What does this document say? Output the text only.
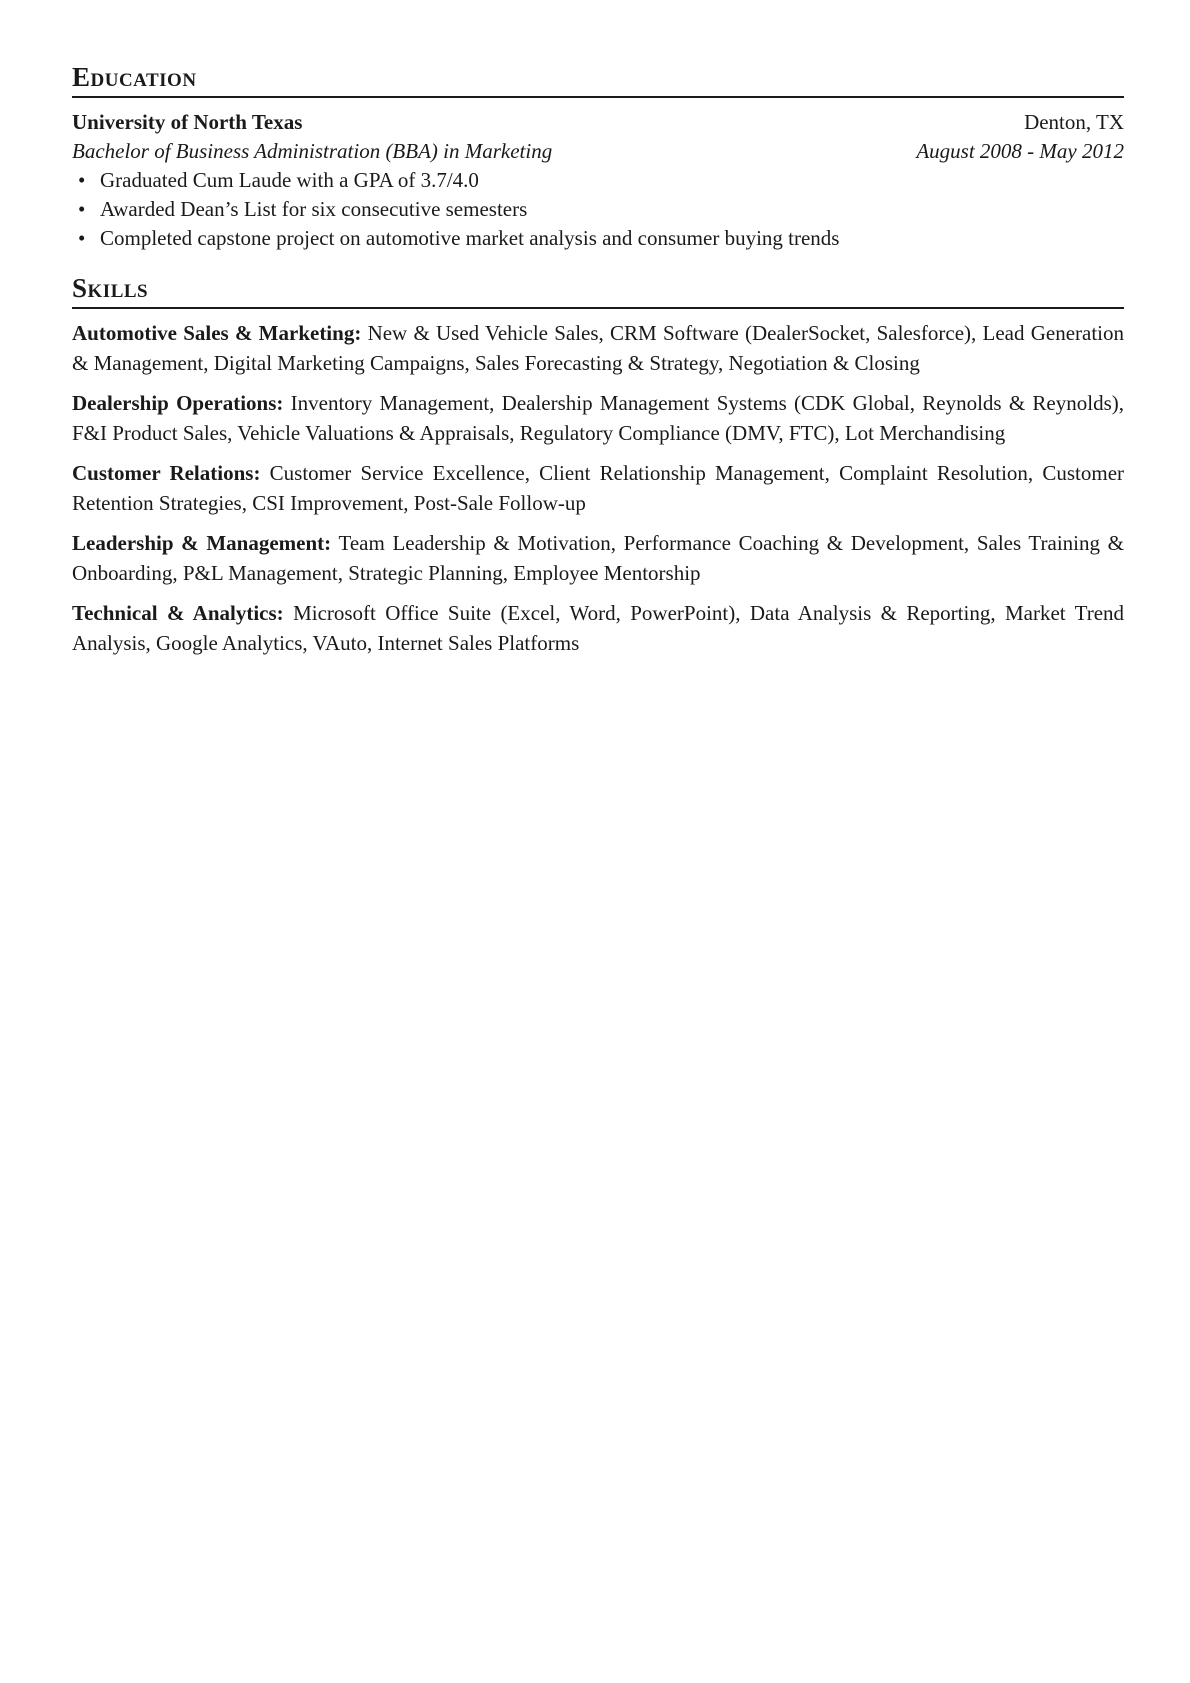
Education
University of North Texas	Denton, TX
Bachelor of Business Administration (BBA) in Marketing	August 2008 - May 2012
• Graduated Cum Laude with a GPA of 3.7/4.0
• Awarded Dean’s List for six consecutive semesters
• Completed capstone project on automotive market analysis and consumer buying trends
Skills

Automotive Sales & Marketing: New & Used Vehicle Sales, CRM Software (DealerSocket, Salesforce), Lead Generation & Management, Digital Marketing Campaigns, Sales Forecasting & Strategy, Negotiation & Closing

Dealership Operations: Inventory Management, Dealership Management Systems (CDK Global, Reynolds & Reynolds), F&I Product Sales, Vehicle Valuations & Appraisals, Regulatory Compliance (DMV, FTC), Lot Merchandising

Customer Relations: Customer Service Excellence, Client Relationship Management, Complaint Resolution, Customer Retention Strategies, CSI Improvement, Post-Sale Follow-up

Leadership & Management: Team Leadership & Motivation, Performance Coaching & Development, Sales Training & Onboarding, P&L Management, Strategic Planning, Employee Mentorship

Technical & Analytics: Microsoft Office Suite (Excel, Word, PowerPoint), Data Analysis & Reporting, Market Trend Analysis, Google Analytics, VAuto, Internet Sales Platforms
